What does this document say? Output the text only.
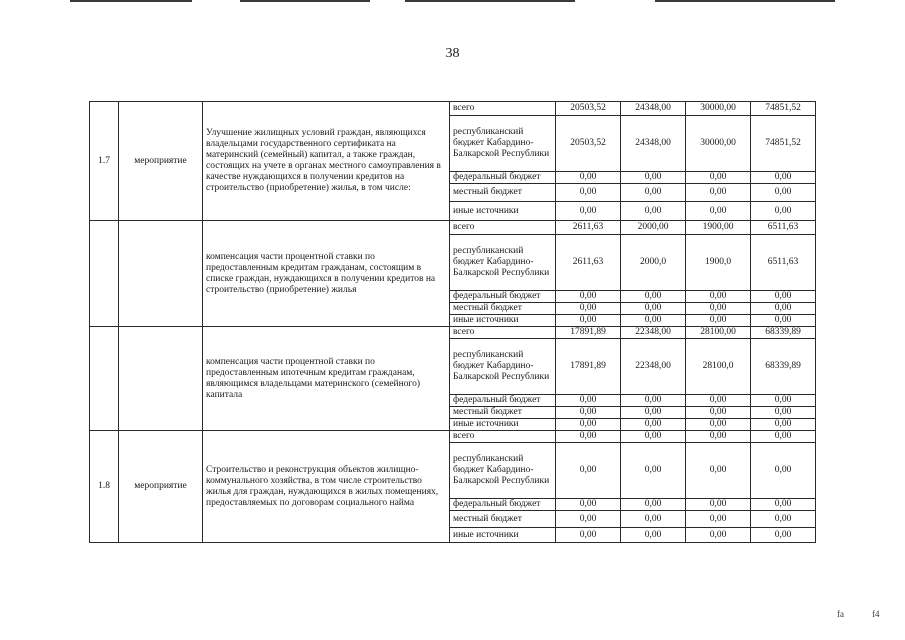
38
1.7	мероприятие	Улучшение жилищных условий граждан, являющихся владельцами государственного сертификата на материнский (семейный) капитал, а также граждан, состоящих на учете в органах местного самоуправления в качестве нуждающихся в получении кредитов на строительство (приобретение) жилья, в том числе:	всего	20503,52	24348,00	30000,00	74851,52
			республиканский бюджет Кабардино-Балкарской Республики	20503,52	24348,00	30000,00	74851,52
			федеральный бюджет	0,00	0,00	0,00	0,00
			местный бюджет	0,00	0,00	0,00	0,00
			иные источники	0,00	0,00	0,00	0,00
		компенсация части процентной ставки по предоставленным кредитам гражданам, состоящим в списке граждан, нуждающихся в получении кредитов на строительство (приобретение) жилья	всего	2611,63	2000,00	1900,00	6511,63
			республиканский бюджет Кабардино-Балкарской Республики	2611,63	2000,0	1900,0	6511,63
			федеральный бюджет	0,00	0,00	0,00	0,00
			местный бюджет	0,00	0,00	0,00	0,00
			иные источники	0,00	0,00	0,00	0,00
		компенсация части процентной ставки по предоставленным ипотечным кредитам гражданам, являющимся владельцами материнского (семейного) капитала	всего	17891,89	22348,00	28100,00	68339,89
			республиканский бюджет Кабардино-Балкарской Республики	17891,89	22348,00	28100,0	68339,89
			федеральный бюджет	0,00	0,00	0,00	0,00
			местный бюджет	0,00	0,00	0,00	0,00
			иные источники	0,00	0,00	0,00	0,00
1.8	мероприятие	Строительство и реконструкция объектов жилищно-коммунального хозяйства, в том числе строительство жилья для граждан, нуждающихся в жилых помещениях, предоставляемых по договорам социального найма	всего	0,00	0,00	0,00	0,00
			республиканский бюджет Кабардино-Балкарской Республики	0,00	0,00	0,00	0,00
			федеральный бюджет	0,00	0,00	0,00	0,00
			местный бюджет	0,00	0,00	0,00	0,00
			иные источники	0,00	0,00	0,00	0,00
fa	f4
